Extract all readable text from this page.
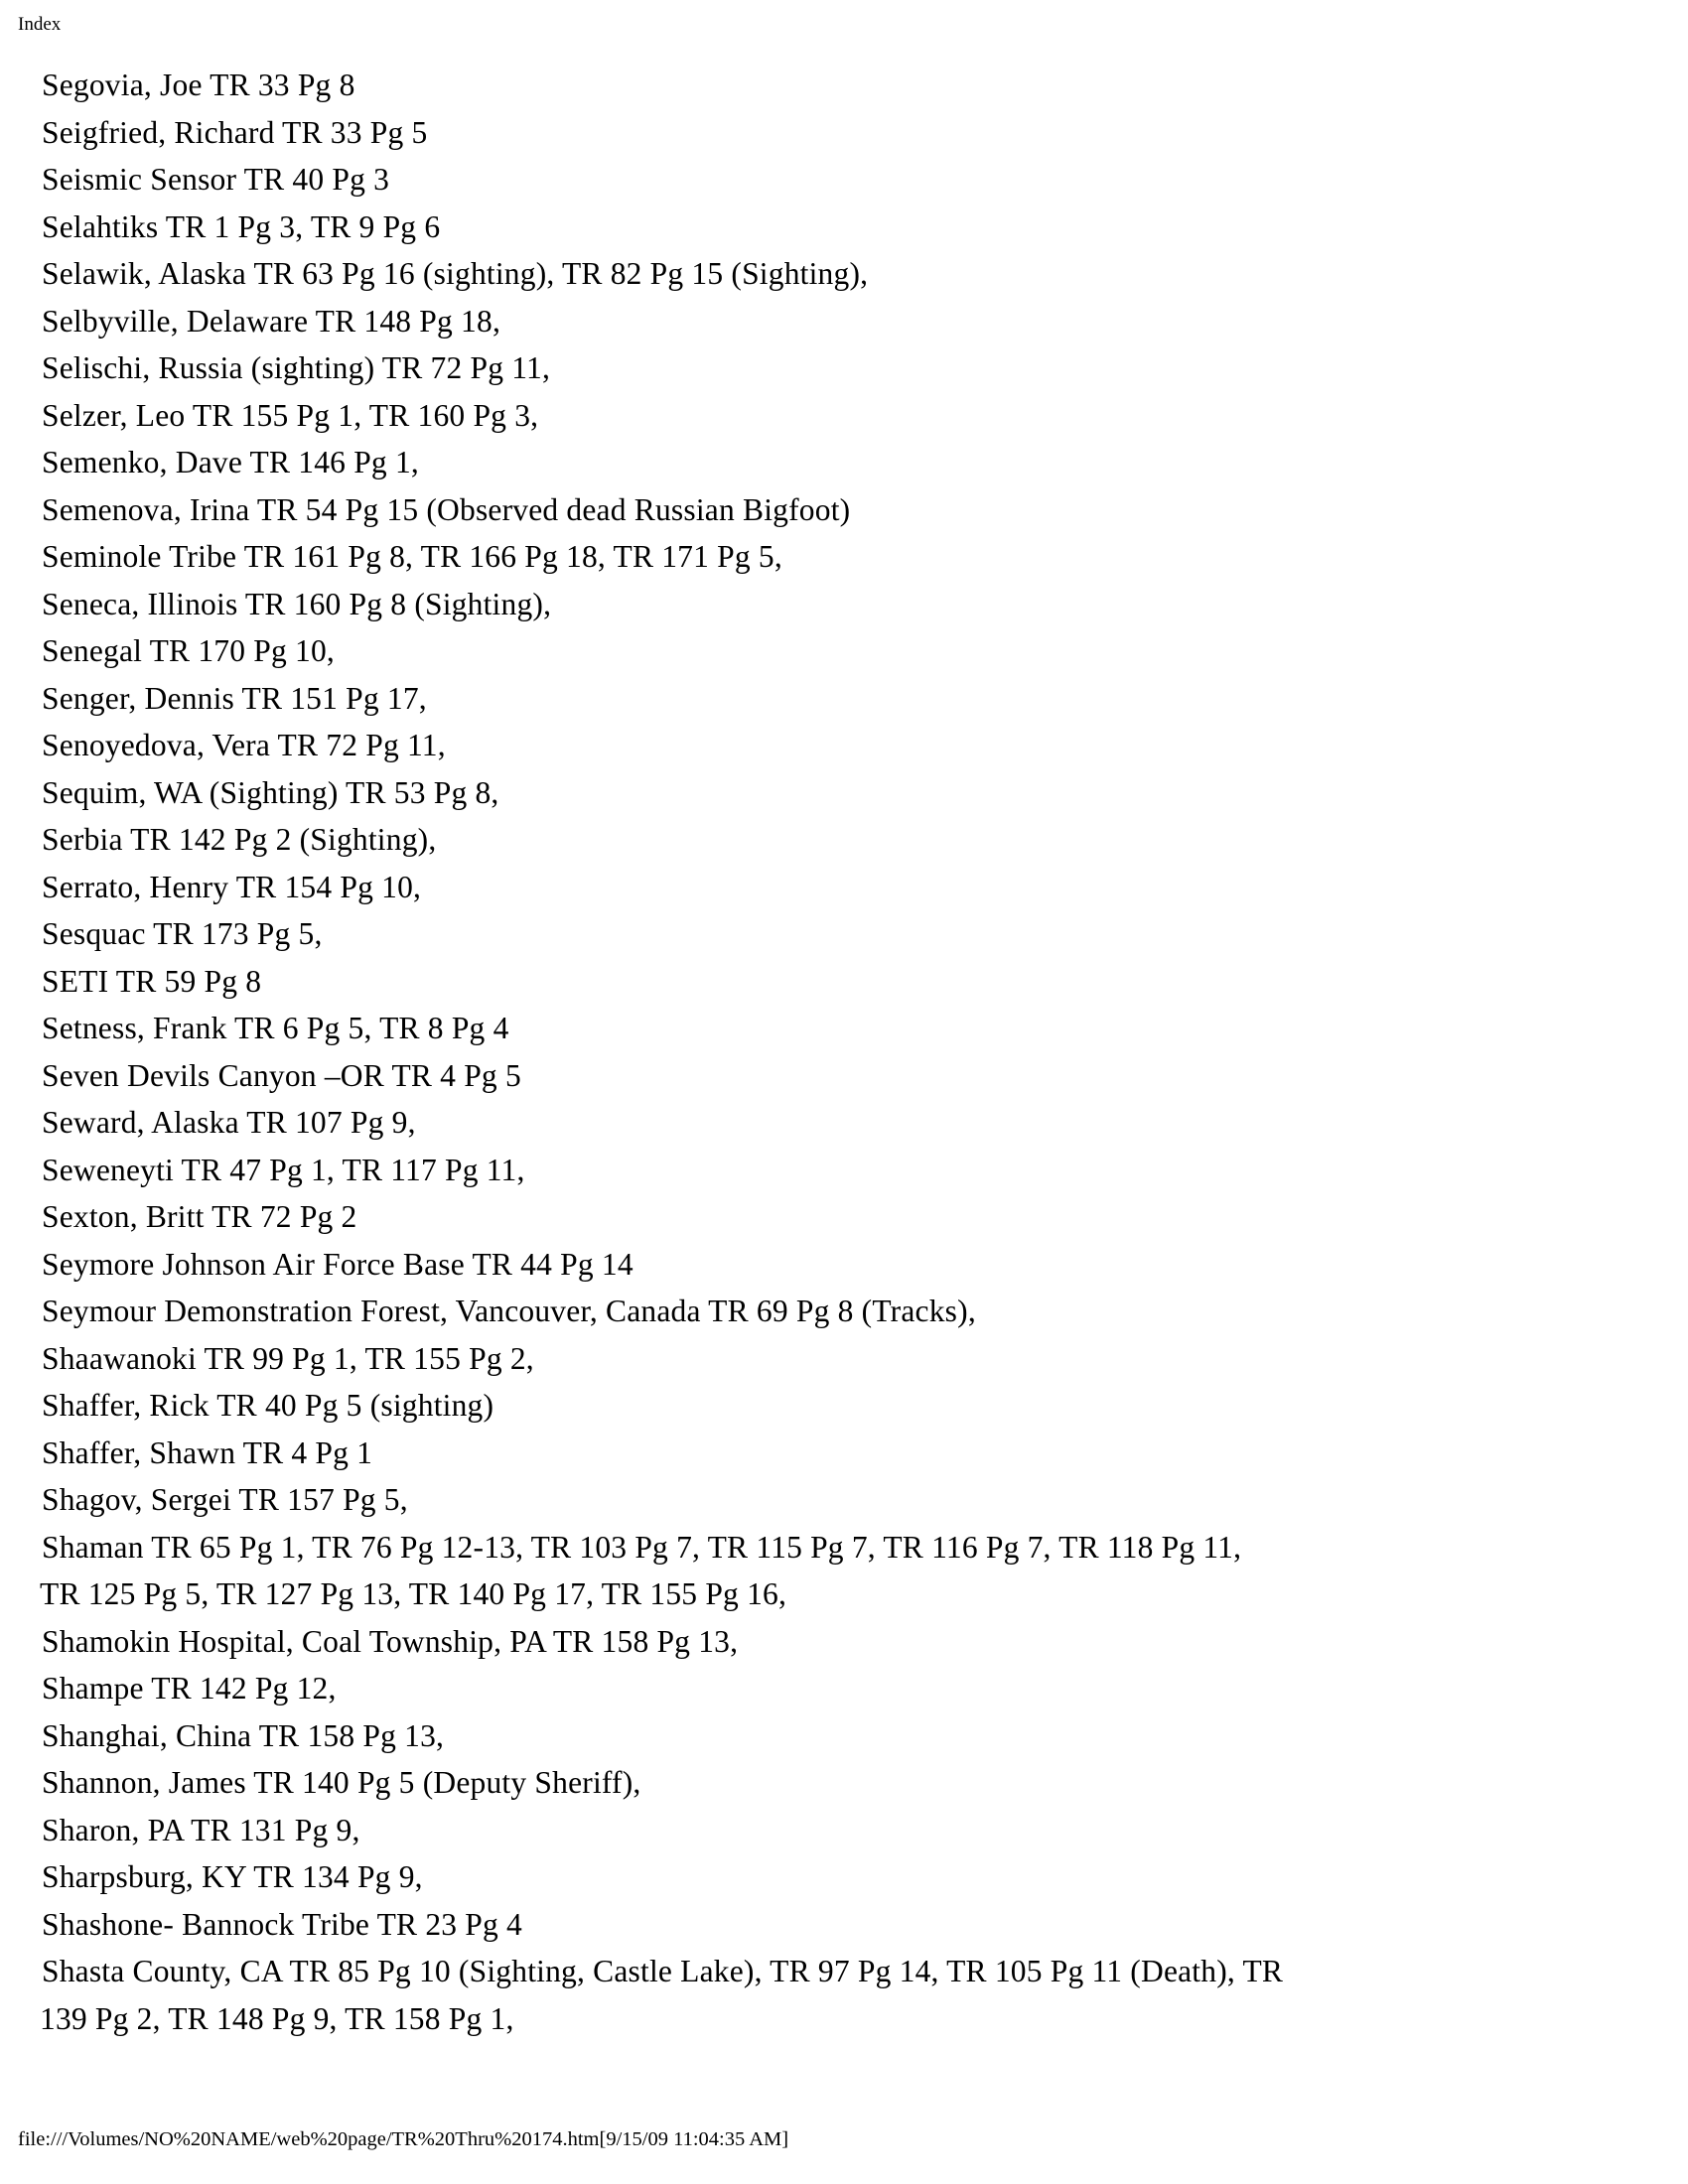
Index
Segovia, Joe TR 33 Pg 8
Seigfried, Richard TR 33 Pg 5
Seismic Sensor TR 40 Pg 3
Selahtiks TR 1 Pg 3, TR 9 Pg 6
Selawik, Alaska TR 63 Pg 16 (sighting), TR 82 Pg 15 (Sighting),
Selbyville, Delaware TR 148 Pg 18,
Selischi, Russia (sighting) TR 72 Pg 11,
Selzer, Leo TR 155 Pg 1, TR 160 Pg 3,
Semenko, Dave TR 146 Pg 1,
Semenova, Irina TR 54 Pg 15 (Observed dead Russian Bigfoot)
Seminole Tribe TR 161 Pg 8, TR 166 Pg 18, TR 171 Pg 5,
Seneca, Illinois TR 160 Pg 8 (Sighting),
Senegal TR 170 Pg 10,
Senger, Dennis TR 151 Pg 17,
Senoyedova, Vera TR 72 Pg 11,
Sequim, WA (Sighting) TR 53 Pg 8,
Serbia TR 142 Pg 2 (Sighting),
Serrato, Henry TR 154 Pg 10,
Sesquac TR 173 Pg 5,
SETI TR 59 Pg 8
Setness, Frank TR 6 Pg 5, TR 8 Pg 4
Seven Devils Canyon –OR TR 4 Pg 5
Seward, Alaska TR 107 Pg 9,
Seweneyti TR 47 Pg 1, TR 117 Pg 11,
Sexton, Britt TR 72 Pg 2
Seymore Johnson Air Force Base TR 44 Pg 14
Seymour Demonstration Forest, Vancouver, Canada TR 69 Pg 8 (Tracks),
Shaawanoki TR 99 Pg 1, TR 155 Pg 2,
Shaffer, Rick TR 40 Pg 5 (sighting)
Shaffer, Shawn TR 4 Pg 1
Shagov, Sergei TR 157 Pg 5,
Shaman TR 65 Pg 1, TR 76 Pg 12-13, TR 103 Pg 7, TR 115 Pg 7, TR 116 Pg 7, TR 118 Pg 11,
TR 125 Pg 5, TR 127 Pg 13, TR 140 Pg 17, TR 155 Pg 16,
Shamokin Hospital, Coal Township, PA TR 158 Pg 13,
Shampe TR 142 Pg 12,
Shanghai, China TR 158 Pg 13,
Shannon, James TR 140 Pg 5 (Deputy Sheriff),
Sharon, PA TR 131 Pg 9,
Sharpsburg, KY TR 134 Pg 9,
Shashone- Bannock Tribe TR 23 Pg 4
Shasta County, CA TR 85 Pg 10 (Sighting, Castle Lake), TR 97 Pg 14, TR 105 Pg 11 (Death), TR
139 Pg 2, TR 148 Pg 9, TR 158 Pg 1,
file:///Volumes/NO%20NAME/web%20page/TR%20Thru%20174.htm[9/15/09 11:04:35 AM]
